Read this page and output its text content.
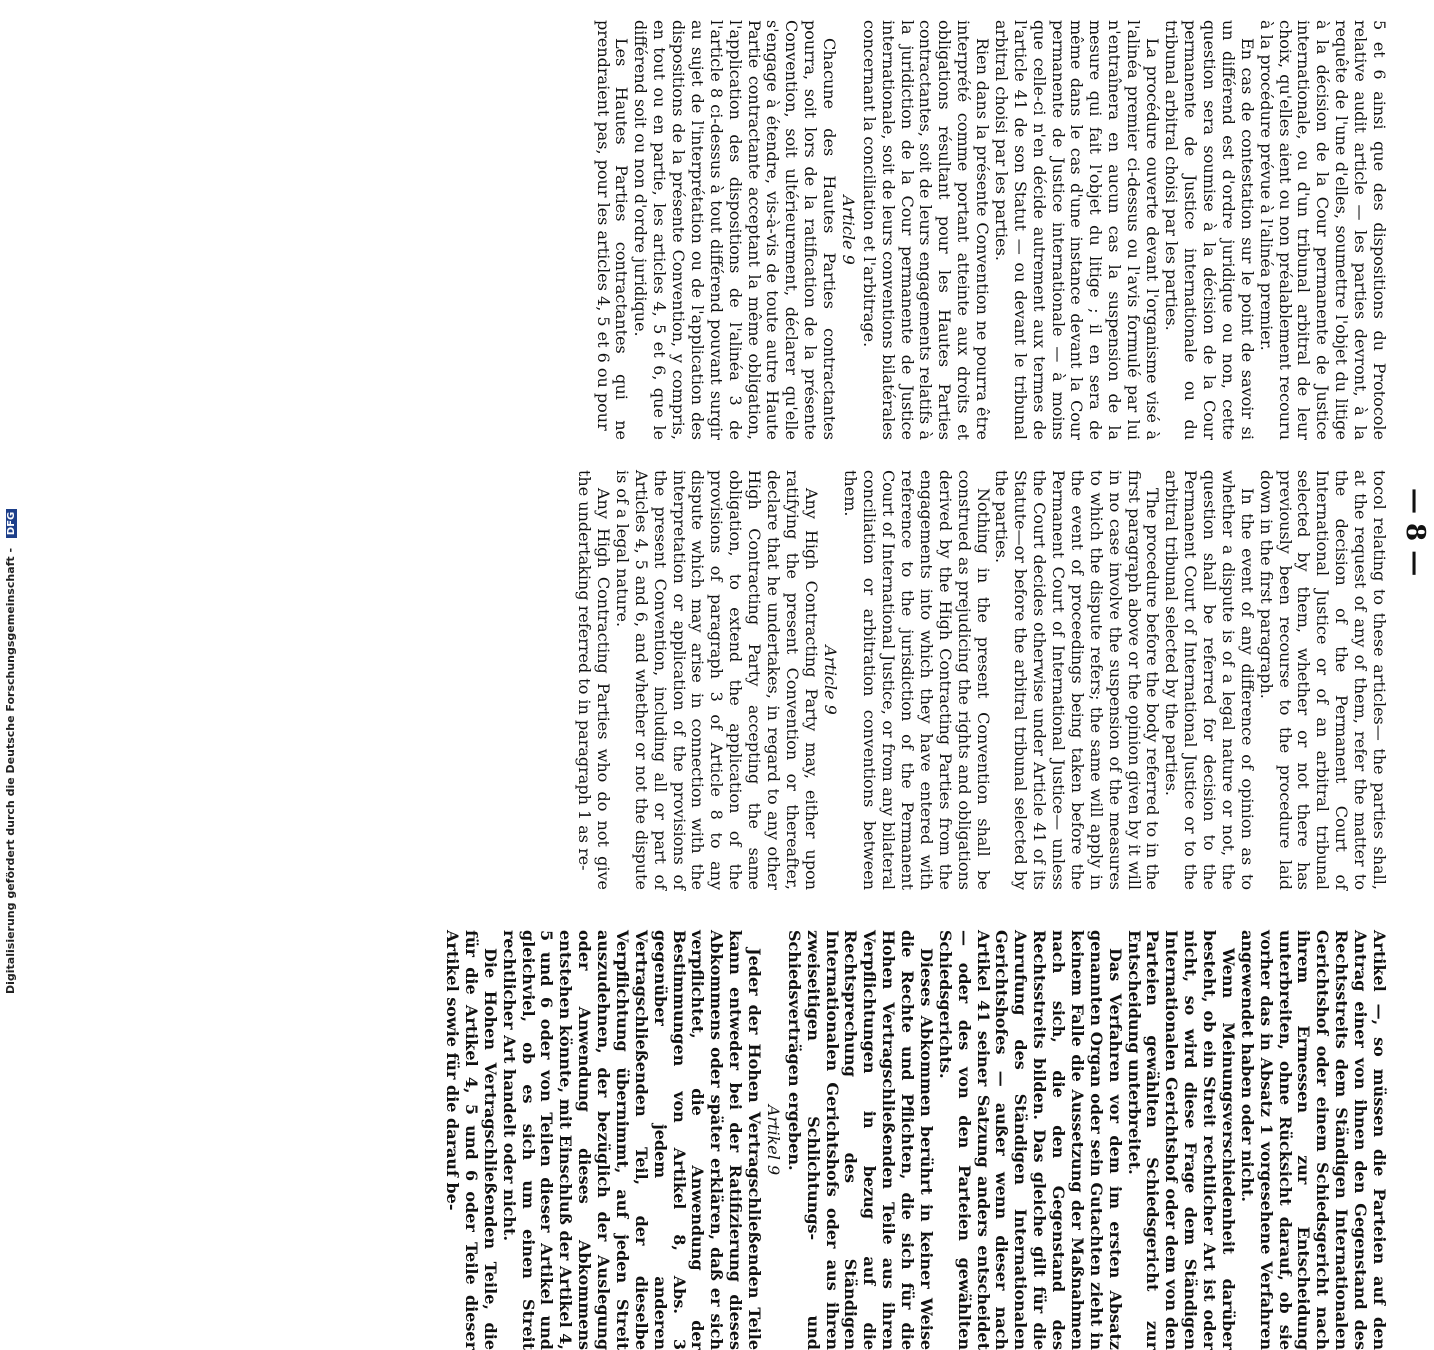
— 8 —

5 et 6 ainsi que des dispositions du Protocole relative audit article — les parties devront, à la requête de l'une d'elles, soumettre l'objet du litige à la décision de la Cour permanente de Justice internationale, ou d'un tribunal arbitral de leur choix, qu'elles aient ou non préalablement recouru à la procédure prévue à l'alinéa premier.

En cas de contestation sur le point de savoir si un différend est d'ordre juridique ou non, cette question sera soumise à la décision de la Cour permanente de Justice internationale ou du tribunal arbitral choisi par les parties.

La procédure ouverte devant l'organisme visé à l'alinéa premier ci-dessus ou l'avis formulé par lui n'entraînera en aucun cas la suspension de la mesure qui fait l'objet du litige ; il en sera de même dans le cas d'une instance devant la Cour permanente de Justice internationale — à moins que celle-ci n'en décide autrement aux termes de l'article 41 de son Statut — ou devant le tribunal arbitral choisi par les parties.

Rien dans la présente Convention ne pourra être interprété comme portant atteinte aux droits et obligations résultant pour les Hautes Parties contractantes, soit de leurs engagements relatifs à la juridiction de la Cour permanente de Justice internationale, soit de leurs conventions bilatérales concernant la conciliation et l'arbitrage.

Article 9

Chacune des Hautes Parties contractantes pourra, soit lors de la ratification de la présente Convention, soit ultérieurement, déclarer qu'elle s'engage à étendre, vis-à-vis de toute autre Haute Partie contractante acceptant la même obligation, l'application des dispositions de l'alinéa 3 de l'article 8 ci-dessus à tout différend pouvant surgir au sujet de l'interprétation ou de l'application des dispositions de la présente Convention, y compris, en tout ou en partie, les articles 4, 5 et 6, que le différend soit ou non d'ordre juridique.

Les Hautes Parties contractantes qui ne prendraient pas, pour les articles 4, 5 et 6 ou pour

tocol relating to these articles— the parties shall, at the request of any of them, refer the matter to the decision of the Permanent Court of International Justice or of an arbitral tribunal selected by them, whether or not there has previously been recourse to the procedure laid down in the first paragraph.

In the event of any difference of opinion as to whether a dispute is of a legal nature or not, the question shall be referred for decision to the Permanent Court of International Justice or to the arbitral tribunal selected by the parties.

The procedure before the body referred to in the first paragraph above or the opinion given by it will in no case involve the suspension of the measures to which the dispute refers; the same will apply in the event of proceedings being taken before the Permanent Court of International Justice— unless the Court decides otherwise under Article 41 of its Statute—or before the arbitral tribunal selected by the parties.

Nothing in the present Convention shall be construed as prejudicing the rights and obligations derived by the High Contracting Parties from the engagements into which they have entered with reference to the jurisdiction of the Permanent Court of International Justice, or from any bilateral conciliation or arbitration conventions between them.

Article 9

Any High Contracting Party may, either upon ratifying the present Convention or thereafter, declare that he undertakes, in regard to any other High Contracting Party accepting the same obligation, to extend the application of the provisions of paragraph 3 of Article 8 to any dispute which may arise in connection with the interpretation or application of the provisions of the present Convention, including all or part of Articles 4, 5 and 6, and whether or not the dispute is of a legal nature.

Any High Contracting Parties who do not give the undertaking referred to in paragraph 1 as re-

Artikel —, so müssen die Parteien auf den Antrag einer von ihnen den Gegenstand des Rechtsstreits dem Ständigen Internationalen Gerichtshof oder einem Schiedsgericht nach ihrem Ermessen zur Entscheidung unterbreiten, ohne Rücksicht darauf, ob sie vorher das in Absatz 1 vorgesehene Verfahren angewendet haben oder nicht.

Wenn Meinungsverschiedenheit darüber besteht, ob ein Streit rechtlicher Art ist oder nicht, so wird diese Frage dem Ständigen Internationalen Gerichtshof oder dem von den Parteien gewählten Schiedsgericht zur Entscheidung unterbreitet.

Das Verfahren vor dem im ersten Absatz genannten Organ oder sein Gutachten zieht in keinem Falle die Aussetzung der Maßnahmen nach sich, die den Gegenstand des Rechtsstreits bilden. Das gleiche gilt für die Anrufung des Ständigen Internationalen Gerichtshofes — außer wenn dieser nach Artikel 41 seiner Satzung anders entscheidet — oder des von den Parteien gewählten Schiedsgerichts.

Dieses Abkommen berührt in keiner Weise die Rechte und Pflichten, die sich für die Hohen Vertragschließenden Teile aus ihren Verpflichtungen in bezug auf die Rechtsprechung des Ständigen Internationalen Gerichtshofs oder aus ihren zweiseitigen Schlichtungs- und Schiedsverträgen ergeben.

Artikel 9

Jeder der Hohen Vertragschließenden Teile kann entweder bei der Ratifizierung dieses Abkommens oder später erklären, daß er sich verpflichtet, die Anwendung der Bestimmungen von Artikel 8, Abs. 3 gegenüber jedem anderen Vertragschließenden Teil, der dieselbe Verpflichtung übernimmt, auf jeden Streit auszudehnen, der bezüglich der Auslegung oder Anwendung dieses Abkommens entstehen könnte, mit Einschluß der Artikel 4, 5 und 6 oder von Teilen dieser Artikel und gleichviel, ob es sich um einen Streit rechtlicher Art handelt oder nicht.

Die Hohen Vertragschließenden Teile, die für die Artikel 4, 5 und 6 oder Teile dieser Artikel sowie für die darauf be-

Digitalisierung gefördert durch die Deutsche Forschungsgemeinschaft - DFG
